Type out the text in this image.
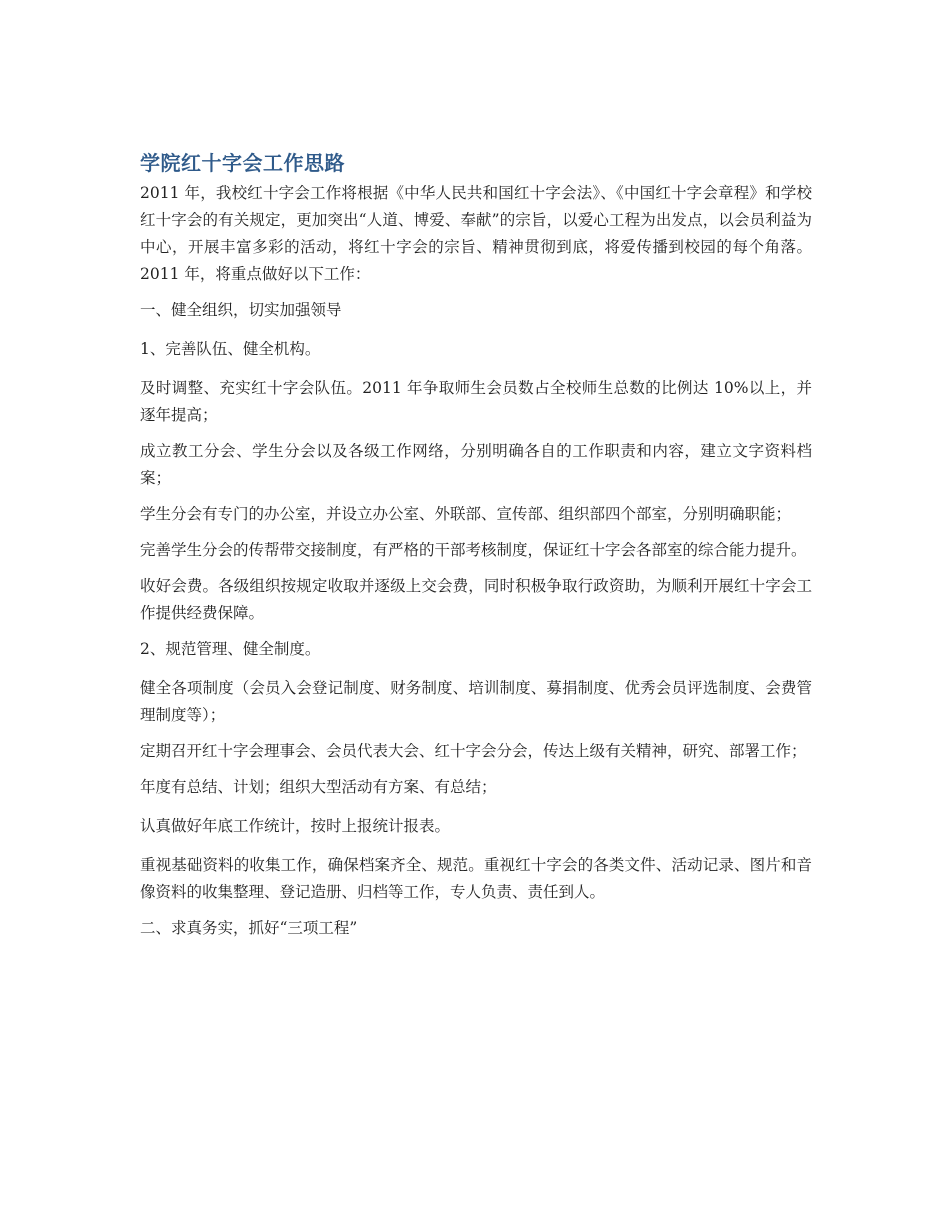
学院红十字会工作思路

2011 年，我校红十字会工作将根据《中华人民共和国红十字会法》、《中国红十字会章程》和学校红十字会的有关规定，更加突出“人道、博爱、奉献”的宗旨，以爱心工程为出发点，以会员利益为中心，开展丰富多彩的活动，将红十字会的宗旨、精神贯彻到底，将爱传播到校园的每个角落。2011 年，将重点做好以下工作：

一、健全组织，切实加强领导

1、完善队伍、健全机构。

及时调整、充实红十字会队伍。2011 年争取师生会员数占全校师生总数的比例达 10%以上，并逐年提高；

成立教工分会、学生分会以及各级工作网络，分别明确各自的工作职责和内容，建立文字资料档案；

学生分会有专门的办公室，并设立办公室、外联部、宣传部、组织部四个部室，分别明确职能；

完善学生分会的传帮带交接制度，有严格的干部考核制度，保证红十字会各部室的综合能力提升。

收好会费。各级组织按规定收取并逐级上交会费，同时积极争取行政资助，为顺利开展红十字会工作提供经费保障。

2、规范管理、健全制度。

健全各项制度（会员入会登记制度、财务制度、培训制度、募捐制度、优秀会员评选制度、会费管理制度等）；

定期召开红十字会理事会、会员代表大会、红十字会分会，传达上级有关精神，研究、部署工作；

年度有总结、计划；组织大型活动有方案、有总结；

认真做好年底工作统计，按时上报统计报表。

重视基础资料的收集工作，确保档案齐全、规范。重视红十字会的各类文件、活动记录、图片和音像资料的收集整理、登记造册、归档等工作，专人负责、责任到人。

二、求真务实，抓好“三项工程”
